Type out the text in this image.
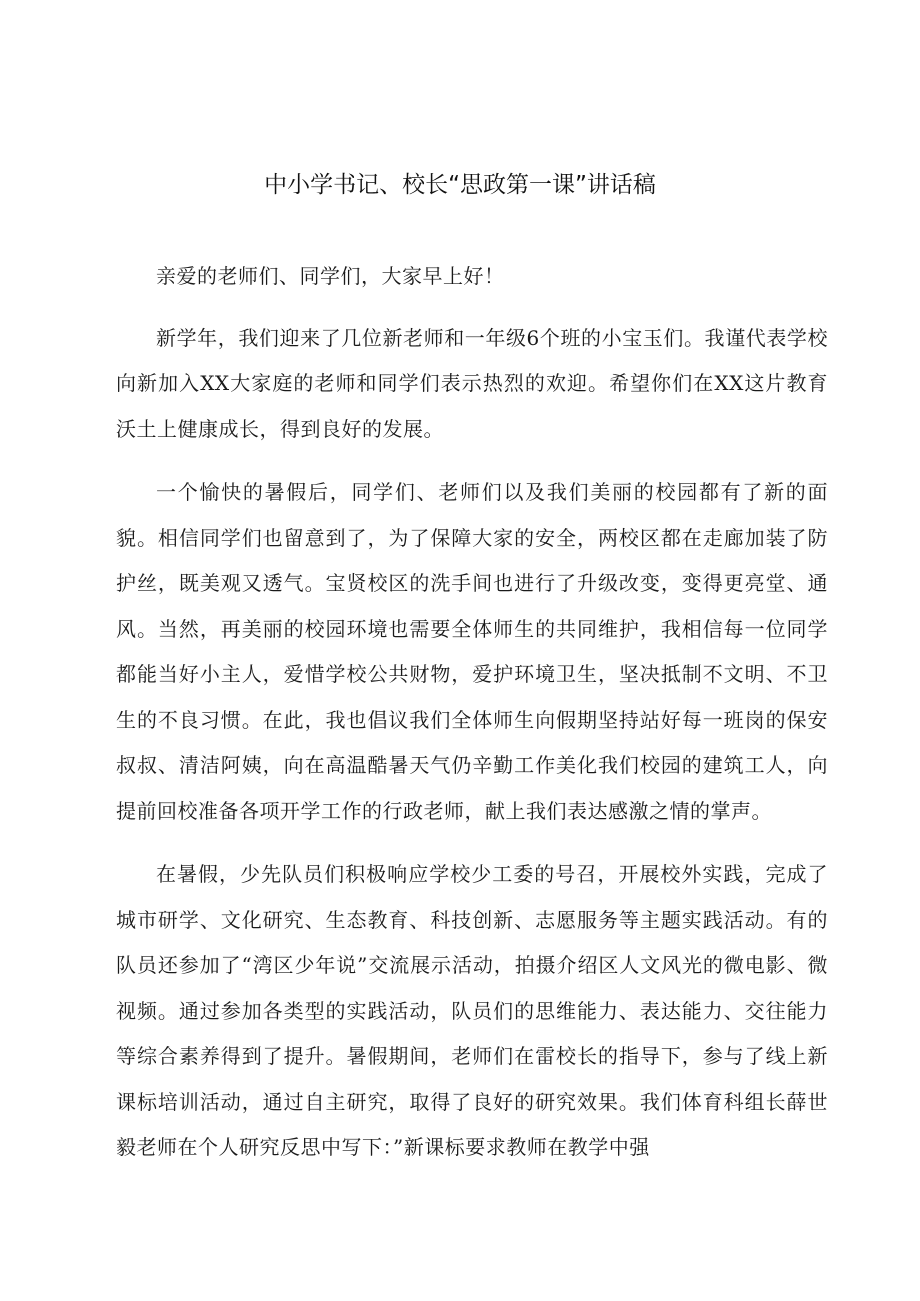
中小学书记、校长“思政第一课”讲话稿

亲爱的老师们、同学们，大家早上好！

新学年，我们迎来了几位新老师和一年级6个班的小宝玉们。我谨代表学校向新加入XX大家庭的老师和同学们表示热烈的欢迎。希望你们在XX这片教育沃土上健康成长，得到良好的发展。

一个愉快的暑假后，同学们、老师们以及我们美丽的校园都有了新的面貌。相信同学们也留意到了，为了保障大家的安全，两校区都在走廊加装了防护丝，既美观又透气。宝贤校区的洗手间也进行了升级改变，变得更亮堂、通风。当然，再美丽的校园环境也需要全体师生的共同维护，我相信每一位同学都能当好小主人，爱惜学校公共财物，爱护环境卫生，坚决抵制不文明、不卫生的不良习惯。在此，我也倡议我们全体师生向假期坚持站好每一班岗的保安叔叔、清洁阿姨，向在高温酷暑天气仍辛勤工作美化我们校园的建筑工人，向提前回校准备各项开学工作的行政老师，献上我们表达感激之情的掌声。

在暑假，少先队员们积极响应学校少工委的号召，开展校外实践，完成了城市研学、文化研究、生态教育、科技创新、志愿服务等主题实践活动。有的队员还参加了“湾区少年说”交流展示活动，拍摄介绍区人文风光的微电影、微视频。通过参加各类型的实践活动，队员们的思维能力、表达能力、交往能力等综合素养得到了提升。暑假期间，老师们在雷校长的指导下，参与了线上新课标培训活动，通过自主研究，取得了良好的研究效果。我们体育科组长薛世毅老师在个人研究反思中写下：”新课标要求教师在教学中强
